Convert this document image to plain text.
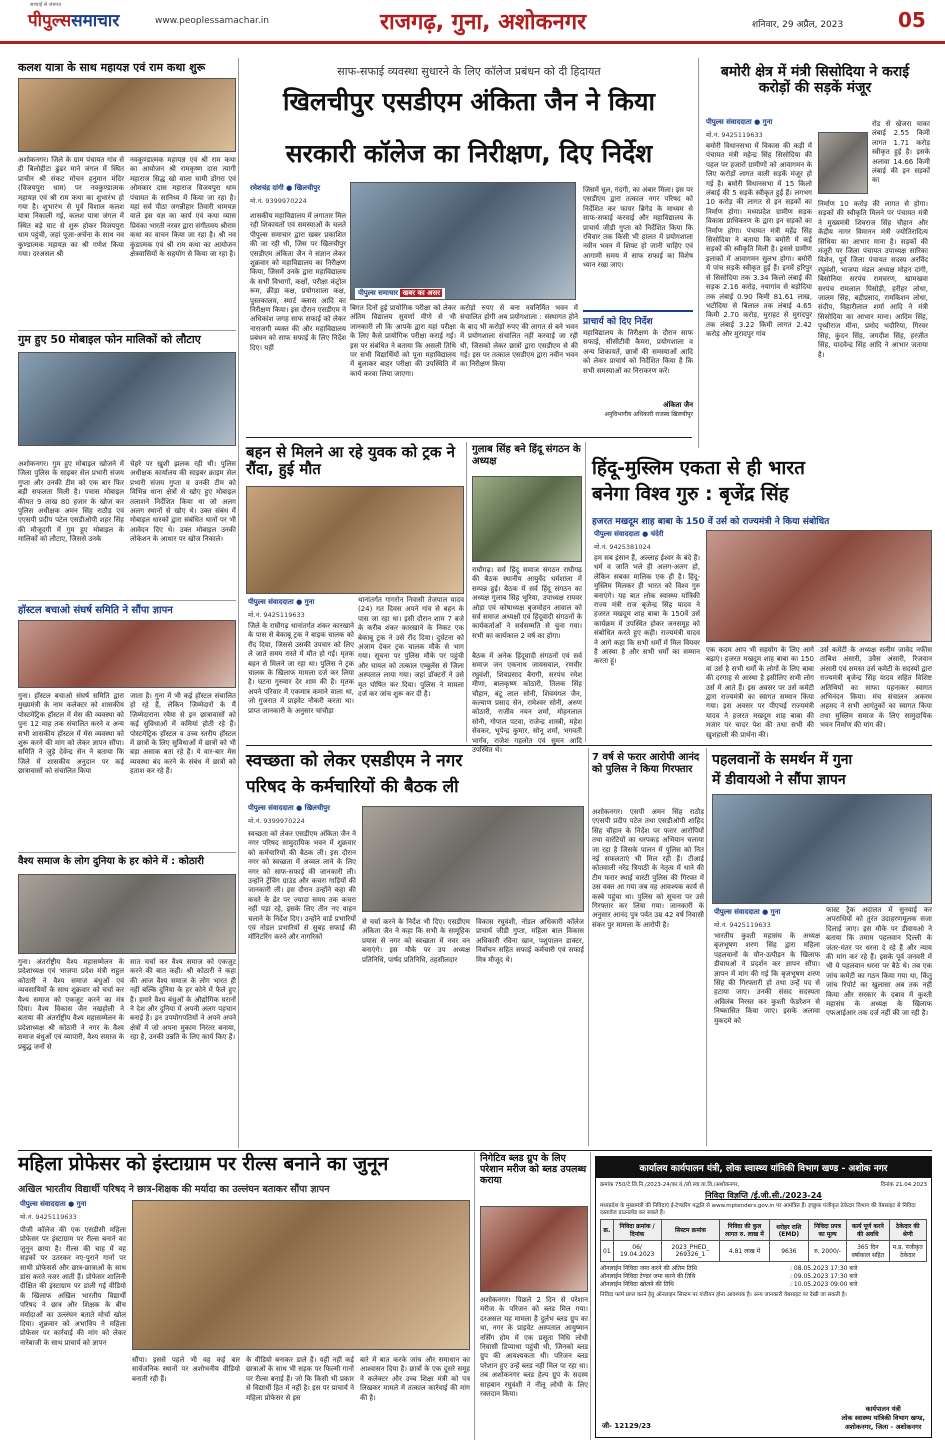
पीपुल्ससमाचार
सच्चाई से जरूरत
www.peoplessamachar.in	राजगढ़, गुना, अशोकनगर	शनिवार, 29 अप्रैल, 2023	05
कलश यात्रा के साथ महायज्ञ एवं राम कथा शुरू
अशोकनगर। जिले के ग्राम पंचायत गांव से ही बिलोहीटा ढुंढर माने जंगल में स्थित प्राचीन श्री संकट मोचन हनुमान मंदिर (विजयपुरा धाम) पर नवकुण्डात्मक महायज्ञ एवं श्री राम कथा का शुभारंभ हो गया है। शुभारंभ से पूर्व विशाल कलश यात्रा निकाली गई, कलश यात्रा जंगल में स्थित बड़े घाट से शुरू होकर विजयपुरा धाम पहुंची, जहां पूजा-अर्चना के साथ नव कुण्डात्मक महायज्ञ का श्री गणेश किया गया। दरअसल श्री
नवकुण्डात्मक महायज्ञ एवं श्री राम कथा का आयोजन श्री रामकृष्ण दास त्यागी महाराज सिद्ध खो वाला घामी डोंगरा एवं ओमकार दास महाराज विजयपुरा धाम पंचायत के सानिध्य में किया जा रहा है। यहां सर्व पीठा जगन्नीहार तिवारी धामयज्ञ वाले इस यज्ञ का कार्य एवं कथा व्यास प्रियंका भारती नरवर द्वारा संगीतमय श्रीराम कथा का वाचन किया जा रहा है। श्री नव कुंडात्मक एवं श्री राम कथा का आयोजन क्षेत्रवासियों के सहयोग से किया जा रहा है।
गुम हुए 50 मोबाइल फोन मालिकों को लौटाए
अशोकनगर। गुम हुए मोबाइल खोजने में जिला पुलिस के साइबर सेल प्रभारी संजय गुप्ता और उनकी टीम को एक बार फिर बड़ी सफलता मिली है। पचास मोबाइल कीमत 9 लाख 80 हजार के खोज कर पुलिस अधीक्षक अमन सिंह राठौड़ एवं एएसपी प्रदीप पटेल एसडीओपी शहर सिंह की मौजूदगी में गुम हुए मोबाइल के मालिकों को लौटाए, जिससे उनके
चेहरे पर खुशी झलक रही थी। पुलिस अधीक्षक कार्यालय की साइबर क्राइम सेल प्रभारी संजय गुप्ता व उनकी टीम को विभिन्न थाना क्षेत्रों से खोए हुए मोबाइल तलाशने निर्देशित किया था जो अलग अलग स्थानों से खोए थे। उक्त संबंध में मोबाइल धारकों द्वारा संबंधित थानों पर भी आवेदन दिए थे। उक्त मोबाइल उनकी लोकेशन के आधार पर खोज निकाले।
हॉस्टल बचाओ संघर्ष समिति ने सौंपा ज्ञापन
गुना। हॉस्टल बचाओ संघर्ष समिति द्वारा मुख्यमंत्री के नाम कलेक्टर को शासकीय पोस्टमेट्रिक हॉस्टल में मेस की व्यवस्था को पुनः 12 माह तक संचालित करने व अन्य सभी शासकीय हॉस्टल में मेस व्यवस्था को शुरू करने की मांग को लेकर ज्ञापन सौंपा। समिति ने जुड़े देवेन्द्र सेन ने बताया कि जिले में शासकीय अनुदान पर कई छात्रावासों को संचालित किया
जाता है। गुना में भी कई हॉस्टल संचालित हो रहे हैं, लेकिन जिम्मेदारों के मैं जिम्मेदाराना रवैया से इन छात्रावासों को कई सुविधाओं में कमियां होती रहे हैं। पोस्टमेट्रिक हॉस्टल व उच्च स्तरीय हॉस्टल में छात्रों के लिए सुविधाओं में छात्रों को भी बड़ा असाक बता रहे हैं। ये वार-बार मेस व्यवस्था बंद करने के संबंध में छात्रों को हताश कर रहे हैं।
वैश्य समाज के लोग दुनिया के हर कोने में : कोठारी
गुना। अंतर्राष्ट्रीय वैश्य महासम्मेलन के प्रदेशाध्यक्ष एवं भाजपा प्रदेश मंत्री राहुल कोठारी ने वैश्य समाज बंधुओं एवं व्यवसायियों के साथ शुक्रवार को चर्चा कर वैश्य समाज को एकजुट करने का मंत्र दिया। वैश्य विकास जैन नखहोली ने बताया की अंतर्राष्ट्रीय वैश्य महासम्मेलन के प्रदेशाध्यक्ष श्री कोठारी ने नगर के वैश्य समाज बंधुओं एवं व्यापारी, वैश्य समाज के प्रबुद्ध जनों से
सात चर्चा कर वैश्य समाज को एकजुट करने की बात कही। श्री कोठारी ने कहा की आज वैश्य समाज के लोग भारत ही नहीं बल्कि दुनिया के हर कोने में फैले हुए हैं। हमारे वैश्य बंधुओं के औद्योगिक घरानों ने देश और दुनिया में अपनी अलग पहचान बनाई है। इन उपयोगपतियों ने अपने अपने क्षेत्रों में जो अपना मुकाम निरंतर बनाया, रहा है, उनकी उन्नति के लिए कार्य किए हैं।
साफ-सफाई व्यवस्था सुधारने के लिए कॉलेज प्रबंधन को दी हिदायत
खिलचीपुर एसडीएम अंकिता जैन ने किया
सरकारी कॉलेज का निरीक्षण, दिए निर्देश
रमेशचंद्र दांगी ● खिलचीपुर
मो.नं. 9399970224
पीपुल्स समाचार खबर का असर
शासकीय महाविद्यालय में लगातार मिल रही शिकायतों एवं समस्याओं के चलते पीपुल्स समाचार द्वारा खबर प्रकाशित की जा रही थी, जिस पर खिलचीपुर एसडीएम अंकिता जैन ने संज्ञान लेकर शुक्रवार को महाविद्यालय का निरीक्षण किया, जिसमें उनके द्वारा महाविद्यालय के सभी विभागों, कक्षों, परीक्षा कंट्रोल रूम, क्रीड़ा कक्ष, प्रयोगशाला कक्ष, पुस्तकालय, स्मार्ट क्लास आदि का निरीक्षण किया। इस दौरान एसडीएम ने अधिकांश जगह साफ सफाई को लेकर नाराजगी व्यक्त की और महाविद्यालय प्रबंधन को साफ सफाई के लिए निर्देश दिए। यहीं
बिगत दिनों हुई प्रायोगिक परीक्षा को लेकर अंतिम विद्यालय सुवर्णा मीणे से भी जानकारी ली कि आपके द्वारा यहां परीक्षा के लिए कैसे प्रायोगिक परीक्षा कराई गई। इस पर संबंधित ने बताया कि असली तिथि पर सभी विद्यार्थियों को पूना महाविद्यालय में बुलाकर बाहर परीक्षा की उपस्थिति में कार्य करवा लिया जाएगा।
करोड़ो रुपए से बना नवनिर्मित भवन में संचालित होगी अब प्रयोगशाला : संस्थागत होने के बाद भी करोड़ों रुपए की लागत से बने भवन में प्रयोगशाला संचालित नहीं करवाई जा रही थी, जिसको लेकर छात्रों द्वारा एसडीएम से की गई। इस पर तत्काल एसडीएम द्वारा नवीन भवन का निरीक्षण किया
जिसमें धूल, गंदगी, का अंबार मिला। इस पर एसडीएम द्वारा तत्काल नगर परिषद को निर्देशित कर फायर ब्रिगेड के माध्यम से साफ-सफाई करवाई और महाविद्यालय के प्राचार्य जीडी गुप्ता को निर्देशित किया कि रविवार तक किसी भी हालत में प्रयोगशाला नवीन भवन में शिफ्ट हो जानी चाहिए एवं आगामी समय में साफ सफाई का विशेष ध्यान रखा जाए।
प्राचार्य को दिए निर्देश
महाविद्यालय के निरीक्षण के दौरान साफ सफाई, सीसीटीवी कैमरा, प्रयोगशाला व अन्य शिकायतें, छात्रों की समस्याओं आदि को लेकर प्राचार्य को निर्देशित किया है कि सभी समस्याओं का निराकरण करें।
अंकिता जैन
अनुविभागीय अधिकारी राजस्व खिलचीपुर
बमोरी क्षेत्र में मंत्री सिसोदिया ने कराई करोड़ों की सड़कें मंजूर
पीपुल्स संवाददाता ● गुना
मो.नं. 9425119633
बमोरी विधानसभा में विकास की कड़ी में पंचायत मंत्री महेन्द्र सिंह सिसोदिया की पहल पर हजारों ग्रामीणों को आवागमन के लिए करोड़ों लागत वाली सड़कें मंजूर हो गई है। बमोरी विधानसभा में 15 किलो लंबाई की 5 सड़कें स्वीकृत हुई हैं। लगभग 10 करोड़ की लागत से इन सड़कों का निर्माण होगा। मध्यप्रदेश ग्रामीण सड़क विकास प्राधिकरण के द्वारा इन सड़कों का निर्माण होगा। पंचायत मंत्री महेंद्र सिंह सिसोदिया ने बताया कि बमोरी में कई सड़कों की स्वीकृति मिली है। इससे ग्रामीण इलाकों में आवागमन सुलभ होगा। बमोरी में पांच सड़कें स्वीकृत हुई हैं। इनमें हरिपुर से सिसोदिया तक 3.34 किलो लंबाई की सड़क 2.16 करोड़, नयागांव से बड़ोदिया तक लंबाई 0.90 किमी 81.61 लाख, भटौदिया से बिलाल तक लंबाई 4.65 किमी 2.70 करोड़, मुराहट से मुरादपुर तक लंबाई 3.22 किमी लागत 2.42 करोड़ और मुरादपुर गांव
रोड से खेजरा चाका लंबाई 2.55 किमी लागत 1.71 करोड़ स्वीकृत हुई है। इसके अलावा 14.66 किमी लंबाई की इन सड़कों का
निर्माण 10 करोड़ की लागत से होगा। सड़कों की स्वीकृति मिलने पर पंचायत मंत्री ने मुख्यमंत्री शिवराज सिंह चौहान और केंद्रीय नागर विमानन मंत्री ज्योतिरादित्य सिंधिया का आभार माना है। सड़कों की मंजूरी पर जिला पंचायत उपाध्यक्ष सारिका विशेन, पूर्व जिला पंचायत सदस्य अरविंद रघुवंशी, भाजपा मंडल अध्यक्ष मोहन दांगी, बिसोनिया सरपंच रामचरण, खामखवा सरपंच रामलाल पिसोड़ी, हरीहर लोधा, जालम सिंह, बद्रीप्रसाद, रामकिशन लोधा, संदीप, विहारीलाल शर्मा आदि ने मंत्री सिसोदिया का आभार माना। आदिम सिंह, पृथ्वीराज मीना, प्रमोद भदौरिया, गिरवर सिंह, कुंदन सिंह, जगदीश सिंह, हरजीत सिंह, यादवेन्द्र सिंह आदि ने आभार जताया है।
बहन से मिलने आ रहे युवक को ट्रक ने रौंदा, हुई मौत
पीपुल्स संवाददाता ● गुना
मो.नं. 9425119633
जिले के राघौगढ़ थानांतर्गत शंकर कारखाने के पास से बेकाबू ट्रक ने बाइक चालक को रौंद दिया, जिससे उसकी उपचार को लिए ले जाते समय रास्ते में मौत हो गई। मृतक बहन से मिलने जा रहा था। पुलिस ने ट्रक चालक के खिलाफ मामला दर्ज कर लिया है। घटना गुरुवार देर शाम की है। मृतक अपने परिवार में एकमात्र कमाने वाला था, जो गुजरात में प्राइवेट नौकरी करता था। प्राप्त जानकारी के अनुसार चांचौड़ा
थानांतर्गत गागरोन निवासी तेजपाल यादव (24) गत दिवस अपने गांव से बहन के पास जा रहा था। इसी दौरान शाम 7 बजे के करीब शंकर कारखाने के निकट एक बेकाबू ट्रक ने उसे रौंद दिया। दुर्घटना को अंजाम देकर ट्रक चालक मौके से भाग गया। सूचना पर पुलिस मौके पर पहुंची और घायल को तत्काल एम्बुलेंस से जिला अस्पताल लाया गया। जहां डॉक्टरों ने उसे मृत घोषित कर दिया। पुलिस ने मामला दर्ज कर जांच शुरू कर दी है।
गुलाब सिंह बने हिंदू संगठन के अध्यक्ष
राघौगढ़। सर्व हिंदू समाज संगठन राघौगढ़ की बैठक स्थानीय आयुर्वेद धर्मशाला में सम्पन्न हुई। बैठक में सर्व हिंदू संगठन का अध्यक्ष गुलाब सिंह भूरिया, उपाध्यक्ष रायवर ओड़ा एवं कोषाध्यक्ष बृजमोहन आवाल को सर्व समाज अध्यक्षों एवं हिंदूवादी संगठनों के कार्यकर्ताओं ने सर्वसम्मति से चुना गया। सभी का कार्यकाल 2 वर्ष का होगा।
बैठक में अनेक हिंदूवादी संगठनों एवं सर्व समाज जन एकनाथ जायसवाल, रणवीर रघुवंशी, शिवप्रसाद बैरागी, सरपंच रमेश मीणा, बालकृष्ण कोठारी, तिलक सिंह चौहान, बंटू लाल सोनी, शिवमंगल जैन, कल्याण प्रसाद सेन, रामेश्वर सोनी, अरुण कोठारी, राजीव नयन शर्मा, मोहनलाल सोनी, गोपाल पटवा, राजेन्द्र शास्त्री, महेश सेवकर, भूपेन्द्र कुमार, सोनू शर्मा, भगवती भार्गव, राजेश गहलोत एवं सुमन आदि उपस्थित थे।
हिंदू-मुस्लिम एकता से ही भारत
बनेगा विश्व गुरु : बृजेंद्र सिंह
हजरत मखदूम शाह बाबा के 150 वें उर्स को राज्यमंत्री ने किया संबोधित
पीपुल्स संवाददाता ● चंदेरी
मो.नं. 9425381024
हम सब इंसान हैं, अल्लाह ईश्वर के बंदे हैं। धर्म व जाति भले ही अलग-अलग हो, लेकिन सबका मालिक एक ही है। हिंदू-मुस्लिम मिलकर ही भारत को विश्व गुरु बनाएंगे। यह बात लोक स्वास्थ्य यांत्रिकी राज्य मंत्री राज बृजेन्द्र सिंह यादव ने हजरत मखदूम शाह बाबा के 150वें उर्स कार्यक्रम में उपस्थित होकर जनसमूह को संबोधित करते हुए कही। राज्यमंत्री यादव ने आगे कहा कि सभी धर्मों में मिल वियवर है आस्था है और सभी धर्मों का सम्मान करता हूं।
एक कदम आप भी सहयोग के लिए आगे बढ़ाएं। हजरत मखदूम शाह बाबा का 150 वां उर्स है सभी धर्मों के लोगों के लिए बाबा की दरगाह से आस्था है इसीलिए सभी लोग उर्स में आते हैं। इस अवसर पर उर्स कमेटी द्वारा राज्यमंत्री का स्वागत सम्मान किया गया। इस अवसर पर पीएचई राज्यमंत्री यादव ने हजरत मखदूम शाह बाबा की मजार पर चादर पेश की तथा सभी की खुशहाली की प्रार्थना की।
उर्स कमेटी के अध्यक्ष सलीम जावेद नफीस ताबिश अंसारी, उवैस अंसारी, रिजवान अंसारी एवं समस्त उर्स कमेटी के सदस्यों द्वारा राज्यमंत्री बृजेन्द्र सिंह यादव सहित विशिष्ट अतिथियों का साफा पहनाकर स्वागत अभिनंदन किया। मंच संचालन अकरम अहमद ने सभी आगंतुकों का स्वागत किया तथा मुस्लिम समाज के लिए सामुदायिक भवन निर्माण की मांग की।
स्वच्छता को लेकर एसडीएम ने नगर
परिषद के कर्मचारियों की बैठक ली
पीपुल्स संवाददाता ● खिलचीपुर
मो.नं. 9399970224
स्वच्छता को लेकर एसडीएम अंकिता जैन ने नगर परिषद सामुदायिक भवन में शुक्रवार को कर्मचारियों की बैठक ली। इस दौरान नगर को स्वच्छता में अव्वल लाने के लिए नगर को साफ-सफाई की जानकारी ली। उन्होंने ट्रेंचिंग ग्राउंड और कचरा गाड़ियों की जानकारी ली। इस दौरान उन्होंने कहा की कचरे के ढेर पर ज्यादा समय तक कचरा नहीं पड़ा रहे, इसके लिए तीन नए वाहन चलाने के निर्देश दिए। उन्होंने वार्ड प्रभारियों एवं नोडल प्रभारियों से सुबह सफाई की मॉनिटरिंग करने और नागरिकों
से चर्चा करने के निर्देश भी दिए। एसडीएम अंकिता जैन ने कहा कि सभी के सामूहिक प्रयास से नगर को स्वच्छता में नवर वन बनाएंगे। इस मौके पर उप अध्यक्ष प्रतिनिधि, पार्षद प्रतिनिधि, तहसीलदार
विकास रघुवंशी, नोडल अधिकारी कॉलेज प्राचार्य जीडी गुप्ता, महिला बाल विकास अधिकारी रविना खान, पशुपालन डाक्टर, निर्वाचन सहित सफाई कर्मचारी एवं सफाई मित्र मौजूद थे।
7 वर्ष से फरार आरोपी आनंद को पुलिस ने किया गिरफ्तार
अशोकनगर। एसपी अमन सिंह राठौड़ एएसपी प्रदीप पटेल तथा एसडीओपी शाहिद सिंह चौहान के निर्देश पर फरार आरोपियों तथा वारंटियों का धरपकड़ अभियान चलाया जा रहा है जिसके पालन में पुलिस को नित नई सफलताएं भी मिल रही हैं। टीआई कोतवाली नरेंद्र त्रिपाठी के नेतृत्व में थाने की टीम फरार स्थाई वारंटी पुलिस की गिरफ्त में उस वक्त आ गया जब वह आवश्यक कार्य से कस्बे पहुंचा था। पुलिस को सूचना पर उसे गिरफ्तार कर लिया गया। जानकारी के अनुसार आनंद पुत्र पर्वत उम्र 42 वर्ष निवासी संकर पुर मामला के आरोपी है।
पहलवानों के समर्थन में गुना
में डीवायओ ने सौंपा ज्ञापन
पीपुल्स संवाददाता ● गुना
मो.नं. 9425119633
भारतीय कुश्ती महासंघ के अध्यक्ष बृजभूषण शरण सिंह द्वारा महिला पहलवानों के यौन-उत्पीड़न के खिलाफ डीवायओ ने प्रदर्शन कर ज्ञापन सौंपा। ज्ञापन में मांग की गई कि बृजभूषण शरण सिंह की गिरफ्तारी हो तथा उन्हें पद से हटाया जाए। उनकी संसद सदस्यता अविलंब निरस्त कर कुश्ती फेडरेशन से निष्कासित किया जाए। इसके अलावा मुकदमे को
फास्ट ट्रैक अदालत में सुनवाई कर अपराधियों को तुरंत उदाहरणमूलक सजा दिलाई जाए। इस मौके पर डीवायओ ने बताया कि तमाम पहलवान दिल्ली के जंतर-मंतर पर धरना दे रहे हैं और न्याय की मांग कर रहे हैं। इसके पूर्व जनवरी में भी ये पहलवान धरना पर बैठे थे। तब एक जांच कमेटी का गठन किया गया था, किंतु जांच रिपोर्ट का खुलासा अब तक नहीं किया और सरकार के दबाव में कुश्ती महासंघ के अध्यक्ष के खिलाफ एफआईआर तक दर्ज नहीं की जा रही है।
महिला प्रोफेसर को इंस्टाग्राम पर रील्स बनाने का जुनून
अखिल भारतीय विद्यार्थी परिषद ने छात्र-शिक्षक की मर्यादा का उल्लंघन बताकर सौंपा ज्ञापन
पीपुल्स संवाददाता ● गुना
मो.नं. 9425119633
पीजी कॉलेज की एक एसडीसी महिला प्रोफेसर पर इंस्टाग्राम पर रील्स बनाने का जुनून छाया है। रील्स की चाह में वह सड़कों पर उतरकर नए-पुराने गानों पर साथी प्रोफेसर्स और छात्र-छात्राओं के साथ डांस करते नजर आती हैं। प्रोफेसर शालिनी दीक्षित की इंस्टाग्राम पर डाली गई वीडियो के खिलाफ अखिल भारतीय विद्यार्थी परिषद ने छात्र और शिक्षक के बीच मर्यादाओं का उल्लंघन बताते मोर्चा खोल दिया। शुक्रवार को अभाविप ने महिला प्रोफेसर पर कार्रवाई की मांग को लेकर नारेबाजी के साथ प्राचार्य को ज्ञापन
सौंपा। इससे पहले भी वह कई बार सार्वजनिक स्थानों पर अशोभनीय वीडियो बनाती रही हैं।
के वीडियो बनाकर डाले हैं। यहीं नहीं कई छात्राओं के साथ भी सड़क पर फिल्मी गानों पर रील्स बनाई हैं। जो कि किसी भी प्रकार से विद्यार्थी हित में नहीं है। इस पर प्राचार्य ने महिला प्रोफेसर से इस
बारे में बात करके जांच और समाधान का आश्वासन दिया है। छात्रों के एक दूसरे समूह ने कलेक्टर और उच्च शिक्षा मंत्री को पत्र लिखकर मामले में तत्काल कार्रवाई की मांग की है।
निगेटिव ब्लड ग्रुप के लिए परेशान मरीज को ब्लड उपलब्ध कराया
अशोकनगर। पिछले 2 दिन से परेशान मरीज के परिजन को ब्लड मिल गया। दरअसल यह मामला है दुर्लभ ब्लड ग्रुप का था, नगर के प्राइवेट अस्पताल आयुष्मान नर्सिंग होम में एक प्रसूता निधि लोधी निवासी डिप्याथा पहुंची थी, जिनको ब्लड ग्रुप की आवश्यकता थी। परिजन ब्लड परेशान हुए उन्हें ब्लड नहीं मिल पा रहा था। तब अशोकनगर ब्लड हेल्प ग्रुप के सदस्य साहबान रघुवंशी ने नीलू लोधी के लिए रक्तदान किया।
कार्यालय कार्यपालन यंत्री, लोक स्वास्थ्य यांत्रिकी विभाग खण्ड - अशोक नगर
क्रमांक 750/टे.लि.नि./2023-24/का.यं./लो.स्वा.या.वि./अशोकनगर,	दिनांक 21.04.2023
निविदा विज्ञप्ति /ई.जी.सी./2023-24
मध्यप्रदेश के मुख्यमंत्री की निविदाएं ई-टेण्डरिंग पद्धति से www.mptenders.gov.in पर आमंत्रित हैं। इच्छुक पंजीकृत ठेकेदार विभाग की वेबसाइट से निविदा दस्तावेज डाउनलोड कर सकते हैं।
क्र.	निविदा क्रमांक / दिनांक	सिस्टम क्रमांक	निविदा की कुल लागत रु. लाख में	धरोहर राशि (EMD)	निविदा प्रपत्र का मूल्य	कार्य पूर्ण करने की अवधि	ठेकेदार की श्रेणी
01	06/ 19.04.2023	2023_PHED_ 269326_1	4.81 लाख में	9636	रु. 2000/-	365 दिन वर्षाकाल सहित	म.प्र. पंजीकृत ठेकेदार
ऑनलाईन निविदा जमा करने की अंतिम तिथि	: 08.05.2023 17:30 बजे
ऑनलाईन निविदा टेण्डर जमा करने की तिथि	: 09.05.2023 17:30 बजे
ऑनलाईन निविदा खोलने की तिथि	: 10.05.2023 09:00 बजे
निविदा फार्म प्राप्त करने हेतु ऑनलाइन सिस्टम पर पंजीयन होना आवश्यक है। अन्य जानकारी वेबसाइट पर देखी जा सकती है।
कार्यपालन यंत्री
लोक स्वास्थ्य यांत्रिकी विभाग खण्ड,
अशोकनगर, जिला - अशोकनगर
जी- 12129/23
